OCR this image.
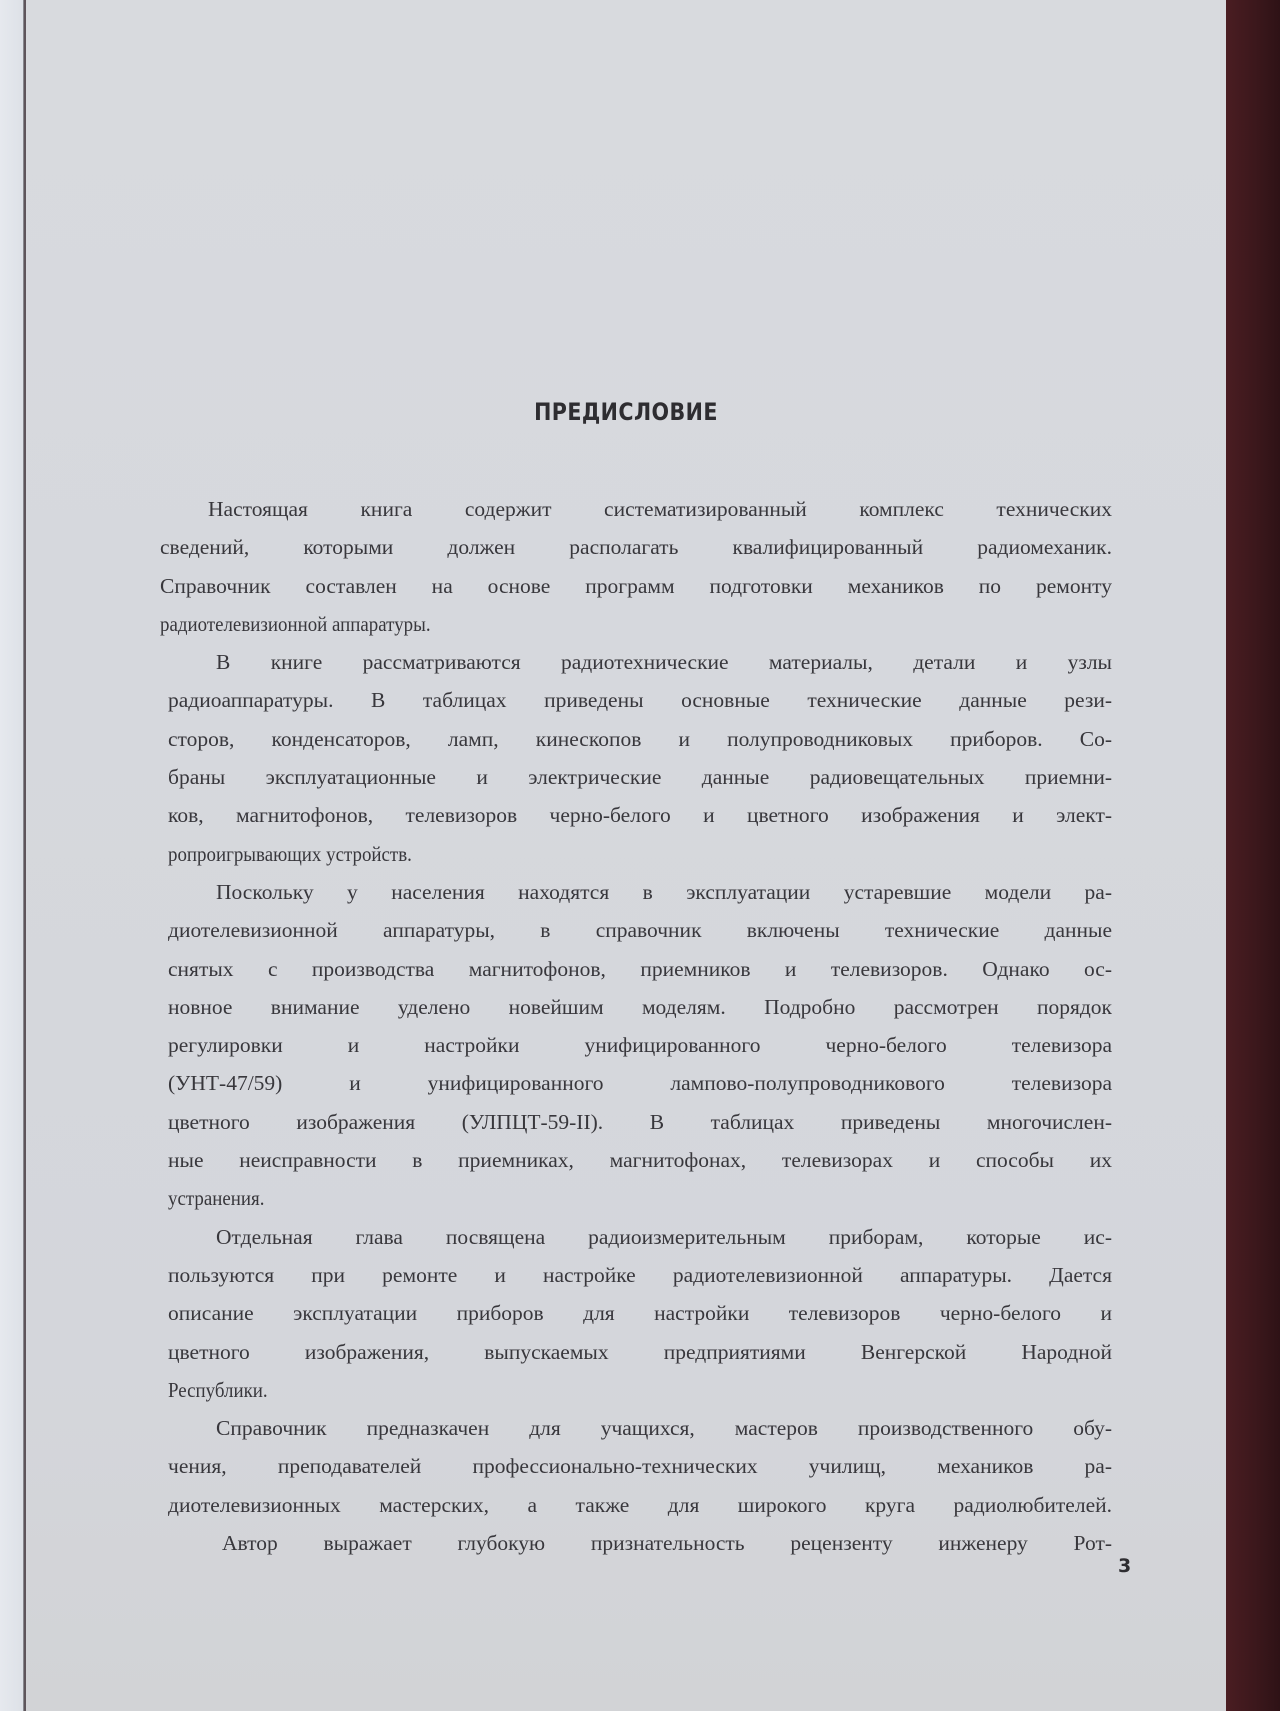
ПРЕДИСЛОВИЕ
Настоящая книга содержит систематизированный комплекс технических
сведений, которыми должен располагать квалифицированный радиомеханик.
Справочник составлен на основе программ подготовки механиков по ремонту
радиотелевизионной аппаратуры.
В книге рассматриваются радиотехнические материалы, детали и узлы
радиоаппаратуры. В таблицах приведены основные технические данные рези-
сторов, конденсаторов, ламп, кинескопов и полупроводниковых приборов. Со-
браны эксплуатационные и электрические данные радиовещательных приемни-
ков, магнитофонов, телевизоров черно-белого и цветного изображения и элект-
ропроигрывающих устройств.
Поскольку у населения находятся в эксплуатации устаревшие модели ра-
диотелевизионной аппаратуры, в справочник включены технические данные
снятых с производства магнитофонов, приемников и телевизоров. Однако ос-
новное внимание уделено новейшим моделям. Подробно рассмотрен порядок
регулировки и настройки унифицированного черно-белого телевизора
(УНТ-47/59) и унифицированного лампово-полупроводникового телевизора
цветного изображения (УЛПЦТ-59-II). В таблицах приведены многочислен-
ные неисправности в приемниках, магнитофонах, телевизорах и способы их
устранения.
Отдельная глава посвящена радиоизмерительным приборам, которые ис-
пользуются при ремонте и настройке радиотелевизионной аппаратуры. Дается
описание эксплуатации приборов для настройки телевизоров черно-белого и
цветного изображения, выпускаемых предприятиями Венгерской Народной
Республики.
Справочник предназкачен для учащихся, мастеров производственного обу-
чения, преподавателей профессионально-технических училищ, механиков ра-
диотелевизионных мастерских, а также для широкого круга радиолюбителей.
Автор выражает глубокую признательность рецензенту инженеру Рот-
3
